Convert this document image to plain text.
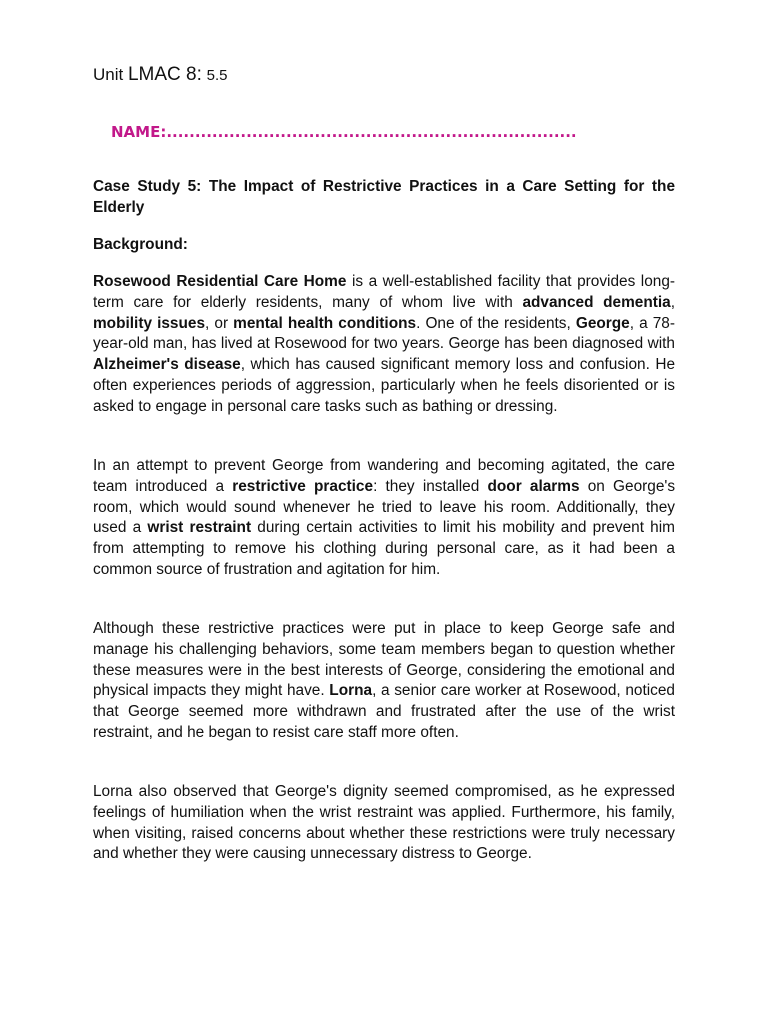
Unit LMAC 8: 5.5
NAME:........................................................................
Case Study 5: The Impact of Restrictive Practices in a Care Setting for the Elderly
Background:

Rosewood Residential Care Home is a well-established facility that provides long-term care for elderly residents, many of whom live with advanced dementia, mobility issues, or mental health conditions. One of the residents, George, a 78-year-old man, has lived at Rosewood for two years. George has been diagnosed with Alzheimer's disease, which has caused significant memory loss and confusion. He often experiences periods of aggression, particularly when he feels disoriented or is asked to engage in personal care tasks such as bathing or dressing.

In an attempt to prevent George from wandering and becoming agitated, the care team introduced a restrictive practice: they installed door alarms on George's room, which would sound whenever he tried to leave his room. Additionally, they used a wrist restraint during certain activities to limit his mobility and prevent him from attempting to remove his clothing during personal care, as it had been a common source of frustration and agitation for him.

Although these restrictive practices were put in place to keep George safe and manage his challenging behaviors, some team members began to question whether these measures were in the best interests of George, considering the emotional and physical impacts they might have. Lorna, a senior care worker at Rosewood, noticed that George seemed more withdrawn and frustrated after the use of the wrist restraint, and he began to resist care staff more often.

Lorna also observed that George's dignity seemed compromised, as he expressed feelings of humiliation when the wrist restraint was applied. Furthermore, his family, when visiting, raised concerns about whether these restrictions were truly necessary and whether they were causing unnecessary distress to George.
